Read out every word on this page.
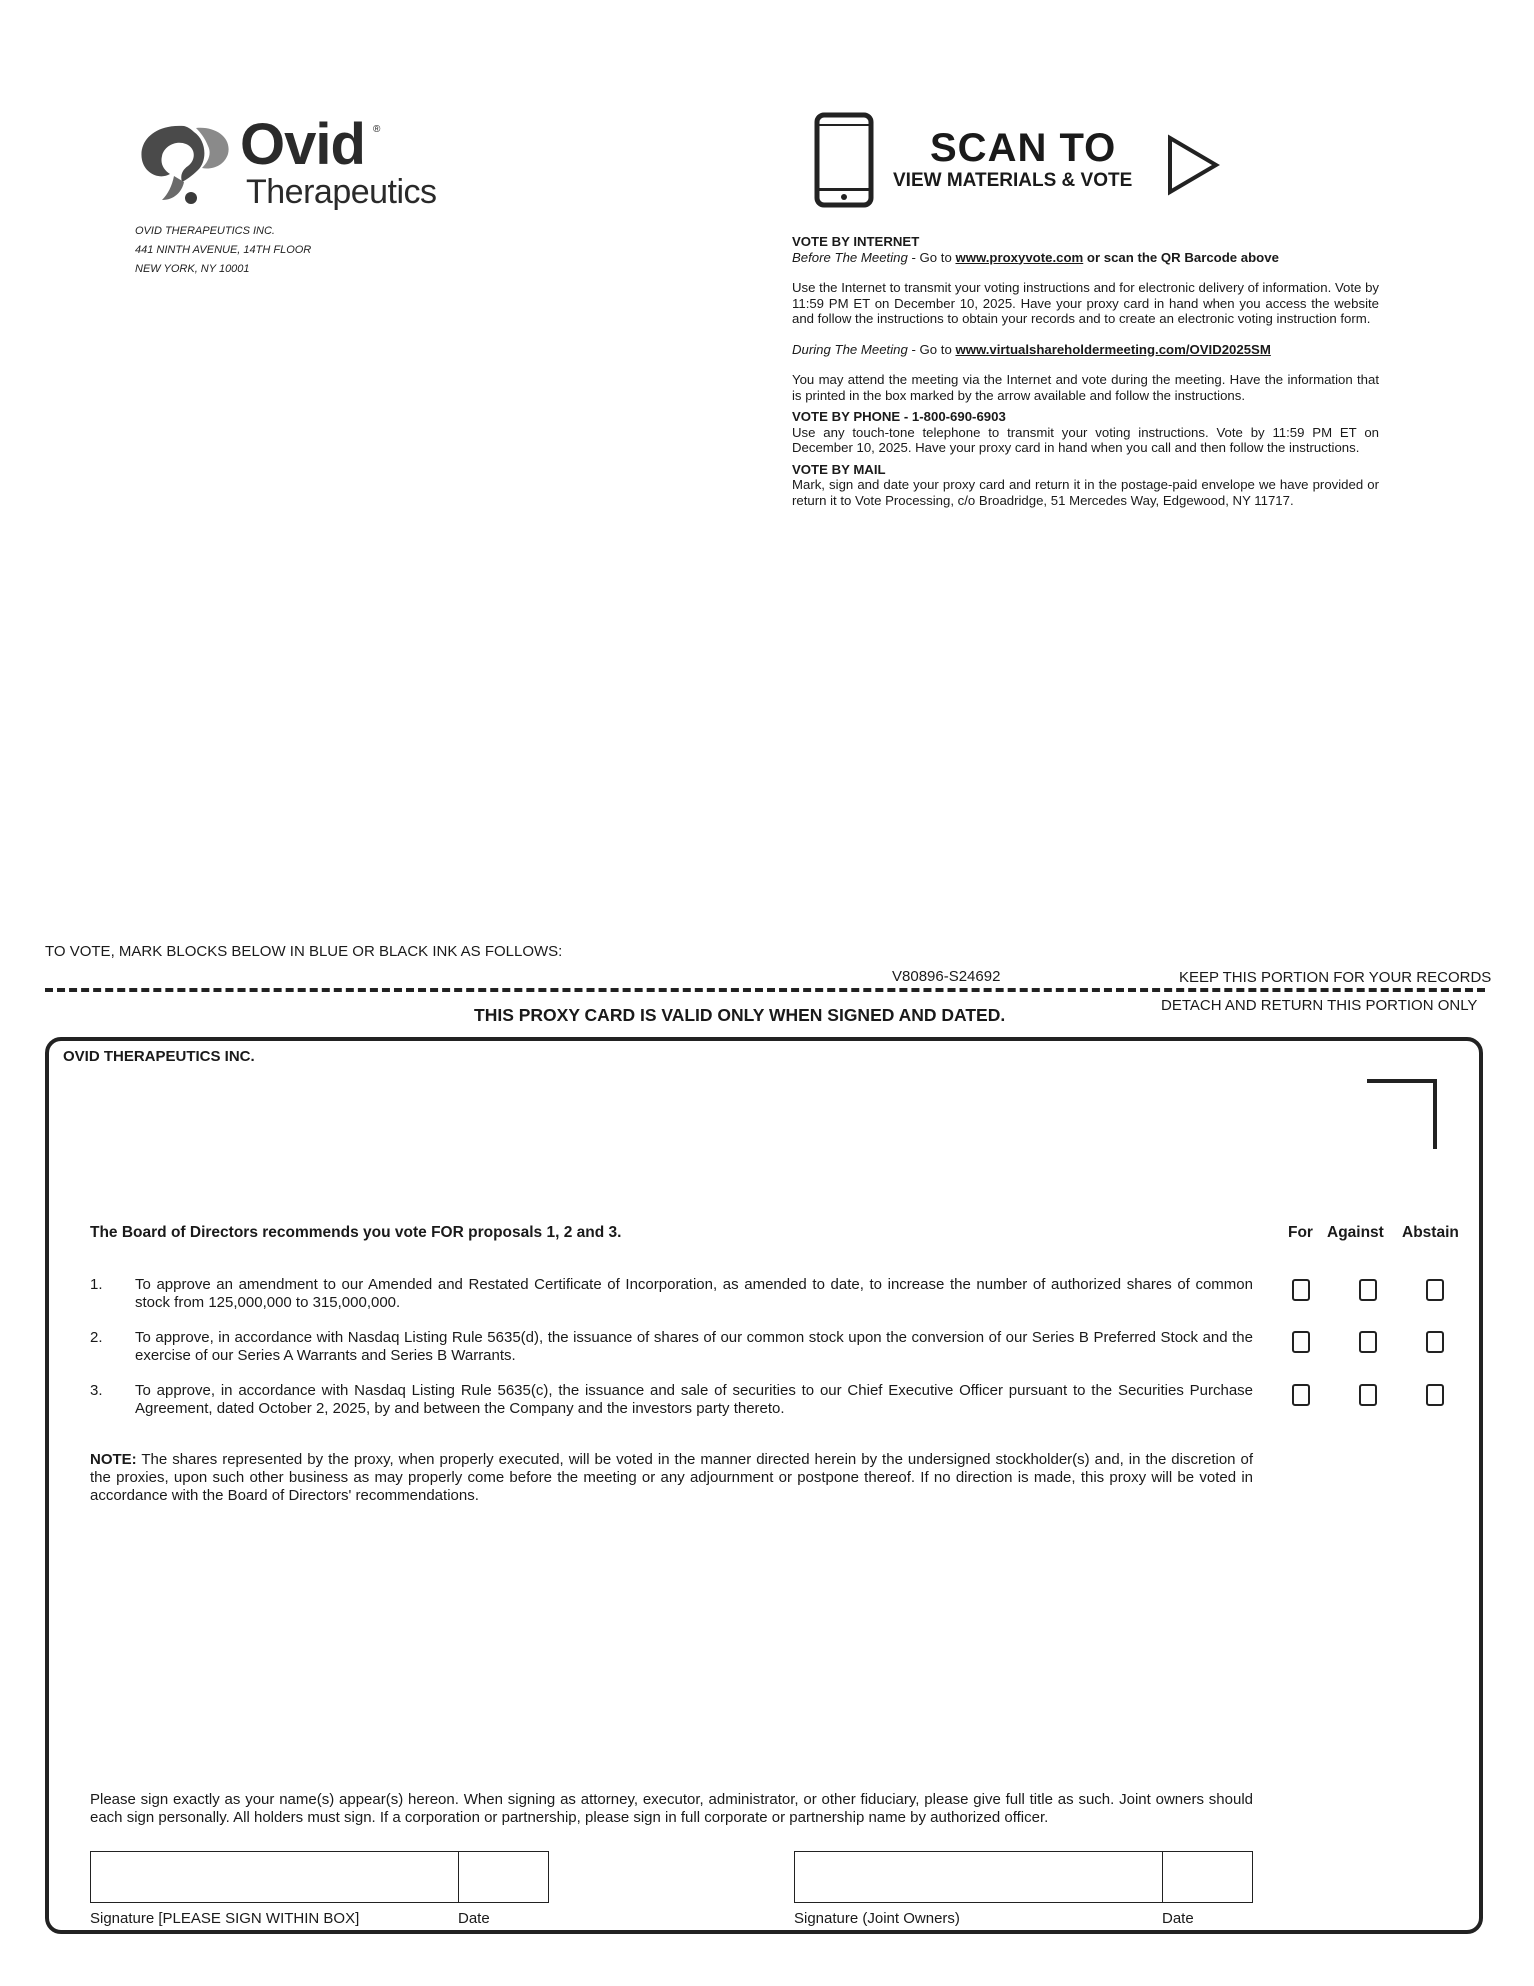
Ovid ®
Therapeutics
OVID THERAPEUTICS INC.
441 NINTH AVENUE, 14TH FLOOR
NEW YORK, NY 10001
SCAN TO
VIEW MATERIALS & VOTE

VOTE BY INTERNET

Before The Meeting - Go to www.proxyvote.com or scan the QR Barcode above

Use the Internet to transmit your voting instructions and for electronic delivery of information. Vote by 11:59 PM ET on December 10, 2025. Have your proxy card in hand when you access the website and follow the instructions to obtain your records and to create an electronic voting instruction form.

During The Meeting - Go to www.virtualshareholdermeeting.com/OVID2025SM

You may attend the meeting via the Internet and vote during the meeting. Have the information that is printed in the box marked by the arrow available and follow the instructions.

VOTE BY PHONE - 1-800-690-6903

Use any touch-tone telephone to transmit your voting instructions. Vote by 11:59 PM ET on December 10, 2025. Have your proxy card in hand when you call and then follow the instructions.

VOTE BY MAIL

Mark, sign and date your proxy card and return it in the postage-paid envelope we have provided or return it to Vote Processing, c/o Broadridge, 51 Mercedes Way, Edgewood, NY 11717.

TO VOTE, MARK BLOCKS BELOW IN BLUE OR BLACK INK AS FOLLOWS:
V80896-S24692	KEEP THIS PORTION FOR YOUR RECORDS
THIS PROXY CARD IS VALID ONLY WHEN SIGNED AND DATED.	DETACH AND RETURN THIS PORTION ONLY
OVID THERAPEUTICS INC.
The Board of Directors recommends you vote FOR proposals 1, 2 and 3.	For Against Abstain
1. To approve an amendment to our Amended and Restated Certificate of Incorporation, as amended to date, to increase the number of authorized shares of common stock from 125,000,000 to 315,000,000.
2. To approve, in accordance with Nasdaq Listing Rule 5635(d), the issuance of shares of our common stock upon the conversion of our Series B Preferred Stock and the exercise of our Series A Warrants and Series B Warrants.
3. To approve, in accordance with Nasdaq Listing Rule 5635(c), the issuance and sale of securities to our Chief Executive Officer pursuant to the Securities Purchase Agreement, dated October 2, 2025, by and between the Company and the investors party thereto.
NOTE: The shares represented by the proxy, when properly executed, will be voted in the manner directed herein by the undersigned stockholder(s) and, in the discretion of the proxies, upon such other business as may properly come before the meeting or any adjournment or postpone thereof. If no direction is made, this proxy will be voted in accordance with the Board of Directors' recommendations.
Please sign exactly as your name(s) appear(s) hereon. When signing as attorney, executor, administrator, or other fiduciary, please give full title as such. Joint owners should each sign personally. All holders must sign. If a corporation or partnership, please sign in full corporate or partnership name by authorized officer.
Signature [PLEASE SIGN WITHIN BOX]	Date	Signature (Joint Owners)	Date
